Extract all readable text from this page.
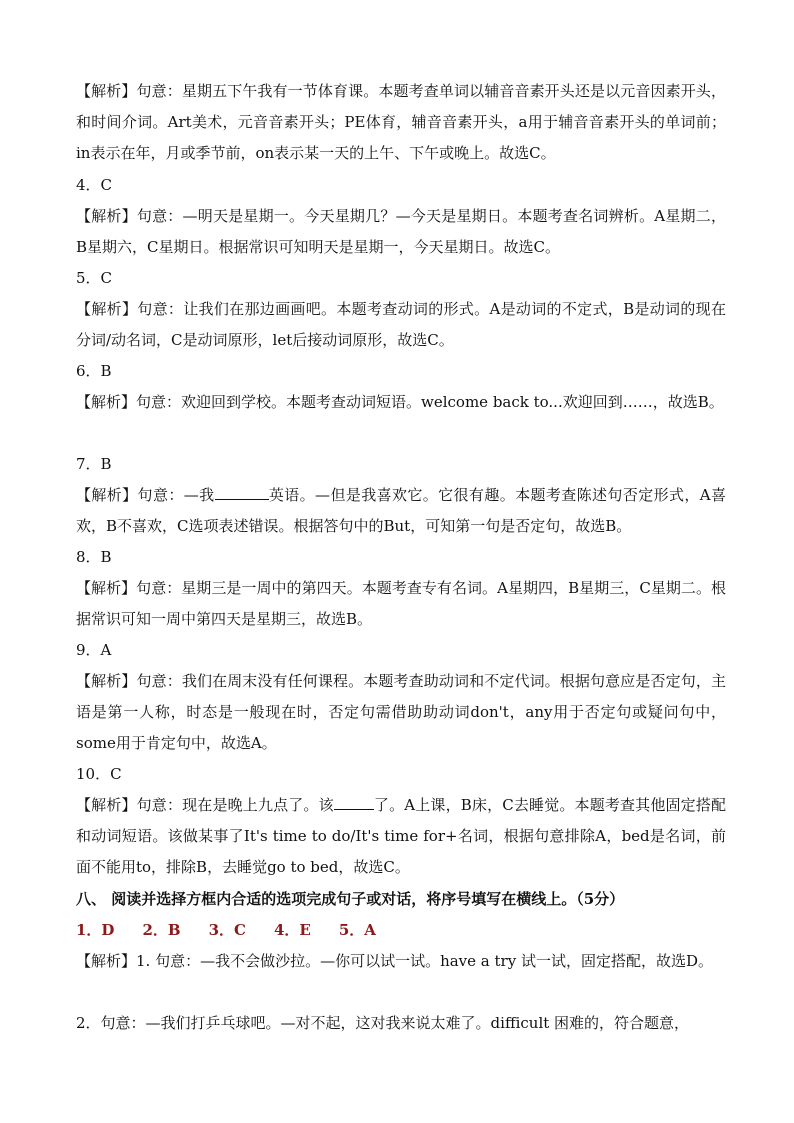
【解析】句意：星期五下午我有一节体育课。本题考查单词以辅音音素开头还是以元音因素开头，和时间介词。Art美术，元音音素开头；PE体育，辅音音素开头，a用于辅音音素开头的单词前；in表示在年，月或季节前，on表示某一天的上午、下午或晚上。故选C。

4．C

【解析】句意：—明天是星期一。今天星期几？—今天是星期日。本题考查名词辨析。A星期二，B星期六，C星期日。根据常识可知明天是星期一，今天星期日。故选C。

5．C

【解析】句意：让我们在那边画画吧。本题考查动词的形式。A是动词的不定式，B是动词的现在分词/动名词，C是动词原形，let后接动词原形，故选C。

6．B

【解析】句意：欢迎回到学校。本题考查动词短语。welcome back to...欢迎回到……，故选B。

7．B

【解析】句意：—我	英语。—但是我喜欢它。它很有趣。本题考查陈述句否定形式，A喜欢，B不喜欢，C选项表述错误。根据答句中的But，可知第一句是否定句，故选B。

8．B

【解析】句意：星期三是一周中的第四天。本题考查专有名词。A星期四，B星期三，C星期二。根据常识可知一周中第四天是星期三，故选B。

9．A

【解析】句意：我们在周末没有任何课程。本题考查助动词和不定代词。根据句意应是否定句，主语是第一人称，时态是一般现在时，否定句需借助助动词don't，any用于否定句或疑问句中，some用于肯定句中，故选A。

10．C

【解析】句意：现在是晚上九点了。该	了。A上课，B床，C去睡觉。本题考查其他固定搭配和动词短语。该做某事了It's time to do/It's time for+名词，根据句意排除A，bed是名词，前面不能用to，排除B，去睡觉go to bed，故选C。

八、 阅读并选择方框内合适的选项完成句子或对话，将序号填写在横线上。（5分）
1．D 2．B 3．C 4．E 5．A

【解析】1. 句意：—我不会做沙拉。—你可以试一试。have a try 试一试，固定搭配，故选D。

2．句意：—我们打乒乓球吧。—对不起，这对我来说太难了。difficult 困难的，符合题意，
